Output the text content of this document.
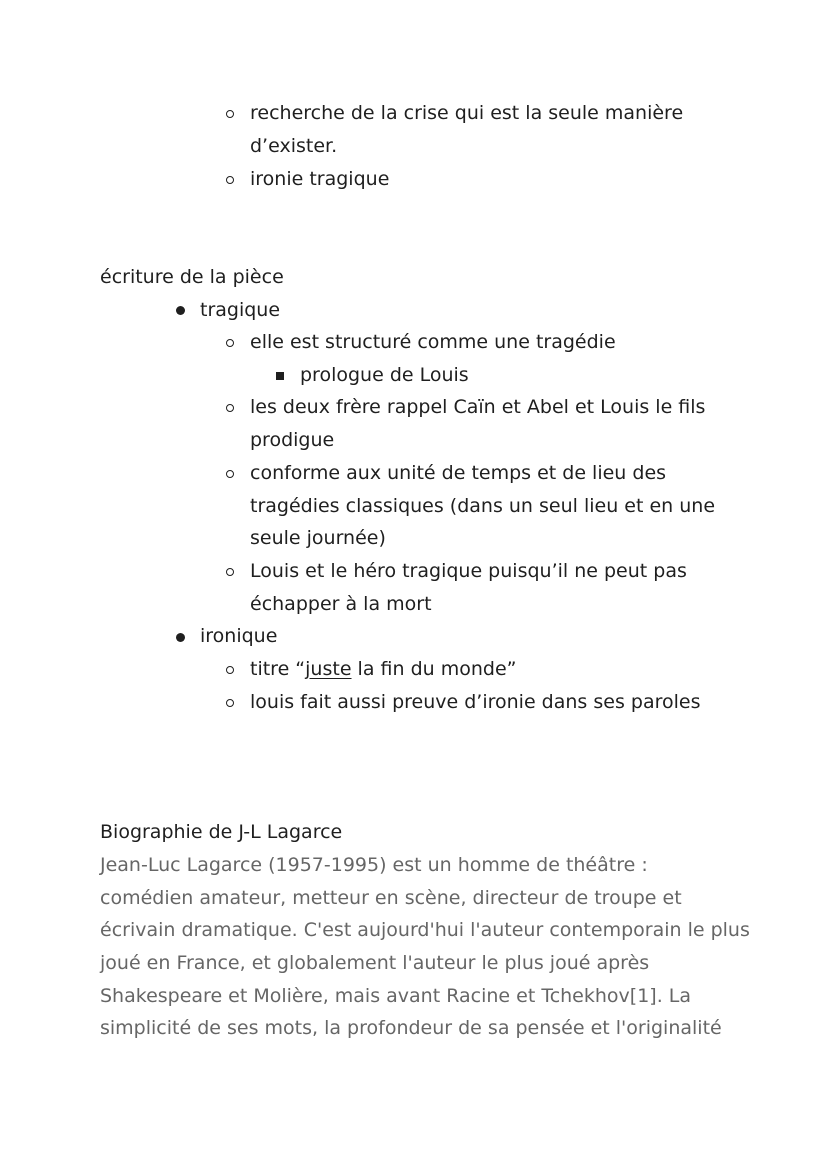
recherche de la crise qui est la seule manière
d’exister.
ironie tragique
écriture de la pièce
tragique
elle est structuré comme une tragédie
prologue de Louis
les deux frère rappel Caïn et Abel et Louis le fils
prodigue
conforme aux unité de temps et de lieu des
tragédies classiques (dans un seul lieu et en une
seule journée)
Louis et le héro tragique puisqu’il ne peut pas
échapper à la mort
ironique
titre “juste la fin du monde”
louis fait aussi preuve d’ironie dans ses paroles
Biographie de J-L Lagarce
Jean-Luc Lagarce (1957-1995) est un homme de théâtre :
comédien amateur, metteur en scène, directeur de troupe et
écrivain dramatique. C'est aujourd'hui l'auteur contemporain le plus
joué en France, et globalement l'auteur le plus joué après
Shakespeare et Molière, mais avant Racine et Tchekhov[1]. La
simplicité de ses mots, la profondeur de sa pensée et l'originalité
